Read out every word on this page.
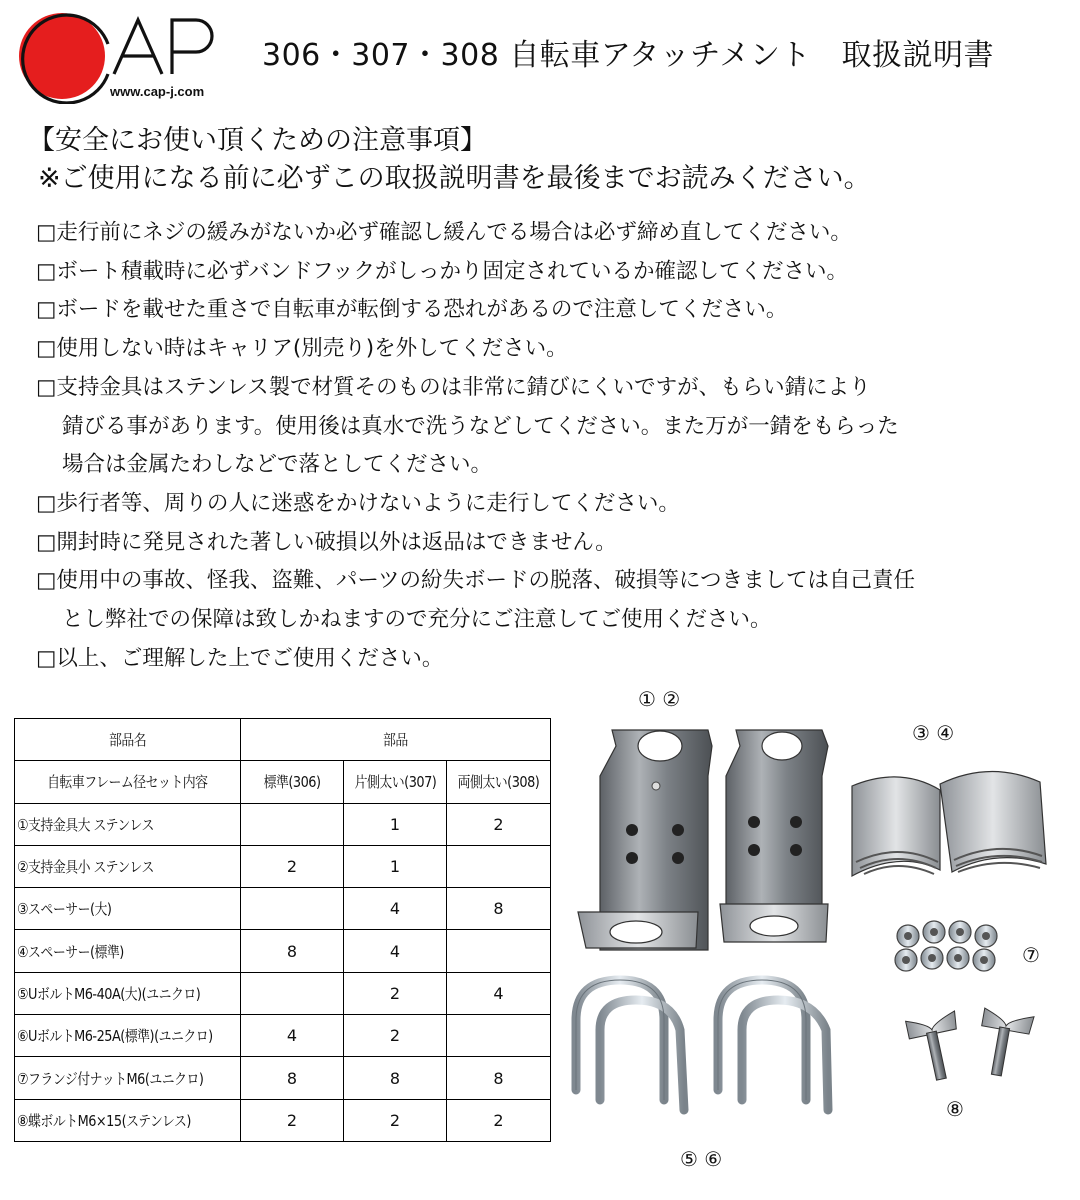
www.cap-j.com
306・307・308 自転車アタッチメント　取扱説明書
【安全にお使い頂くための注意事項】
※ご使用になる前に必ずこの取扱説明書を最後までお読みください。
□走行前にネジの緩みがないか必ず確認し緩んでる場合は必ず締め直してください。
□ボート積載時に必ずバンドフックがしっかり固定されているか確認してください。
□ボードを載せた重さで自転車が転倒する恐れがあるので注意してください。
□使用しない時はキャリア(別売り)を外してください。
□支持金具はステンレス製で材質そのものは非常に錆びにくいですが、もらい錆により
錆びる事があります。使用後は真水で洗うなどしてください。また万が一錆をもらった
場合は金属たわしなどで落としてください。
□歩行者等、周りの人に迷惑をかけないように走行してください。
□開封時に発見された著しい破損以外は返品はできません。
□使用中の事故、怪我、盗難、パーツの紛失ボードの脱落、破損等につきましては自己責任
とし弊社での保障は致しかねますので充分にご注意してご使用ください。
□以上、ご理解した上でご使用ください。
部品名	部品		
自転車フレーム径セット内容	標準(306)	片側太い(307)	両側太い(308)
①支持金具大 ステンレス		1	2
②支持金具小 ステンレス	2	1	
③スペーサー(大)		4	8
④スペーサー(標準)	8	4	
⑤UボルトM6-40A(大)(ユニクロ)		2	4
⑥UボルトM6-25A(標準)(ユニクロ)	4	2	
⑦フランジ付ナットM6(ユニクロ)	8	8	8
⑧蝶ボルトM6×15(ステンレス)	2	2	2
① ②
③ ④
⑦
⑧
⑤ ⑥
